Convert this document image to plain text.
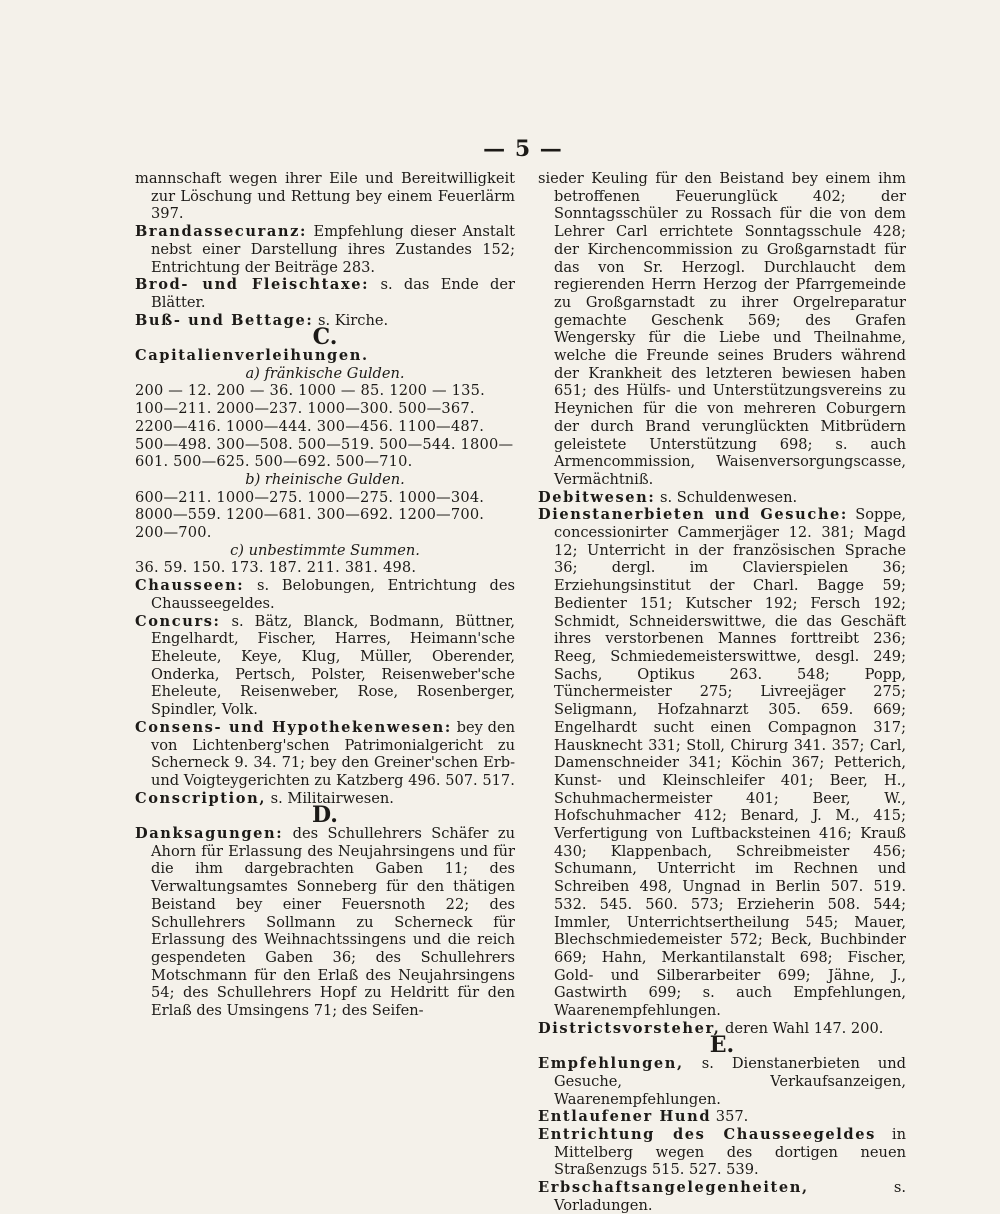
— 5 —

mannschaft wegen ihrer Eile und Bereitwilligkeit zur Löschung und Rettung bey einem Feuerlärm 397.

Brandassecuranz: Empfehlung dieser Anstalt nebst einer Darstellung ihres Zustandes 152; Entrichtung der Beiträge 283.

Brod- und Fleischtaxe: s. das Ende der Blätter.

Buß- und Bettage: s. Kirche.

C.

Capitalienverleihungen.

a) fränkische Gulden.

200 — 12. 200 — 36. 1000 — 85. 1200 — 135. 100—211. 2000—237. 1000—300. 500—367. 2200—416. 1000—444. 300—456. 1100—487. 500—498. 300—508. 500—519. 500—544. 1800—601. 500—625. 500—692. 500—710.

b) rheinische Gulden.

600—211. 1000—275. 1000—275. 1000—304. 8000—559. 1200—681. 300—692. 1200—700. 200—700.

c) unbestimmte Summen.

36. 59. 150. 173. 187. 211. 381. 498.

Chausseen: s. Belobungen, Entrichtung des Chausseegeldes.

Concurs: s. Bätz, Blanck, Bodmann, Büttner, Engelhardt, Fischer, Harres, Heimann'sche Eheleute, Keye, Klug, Müller, Oberender, Onderka, Pertsch, Polster, Reisenweber'sche Eheleute, Reisenweber, Rose, Rosenberger, Spindler, Volk.

Consens- und Hypothekenwesen: bey den von Lichtenberg'schen Patrimonialgericht zu Scherneck 9. 34. 71; bey den Greiner'schen Erb- und Voigteygerichten zu Katzberg 496. 507. 517.

Conscription, s. Militairwesen.

D.

Danksagungen: des Schullehrers Schäfer zu Ahorn für Erlassung des Neujahrsingens und für die ihm dargebrachten Gaben 11; des Verwaltungsamtes Sonneberg für den thätigen Beistand bey einer Feuersnoth 22; des Schullehrers Sollmann zu Scherneck für Erlassung des Weihnachtssingens und die reich gespendeten Gaben 36; des Schullehrers Motschmann für den Erlaß des Neujahrsingens 54; des Schullehrers Hopf zu Heldritt für den Erlaß des Umsingens 71; des Seifen-

sieder Keuling für den Beistand bey einem ihm betroffenen Feuerunglück 402; der Sonntagsschüler zu Rossach für die von dem Lehrer Carl errichtete Sonntagsschule 428; der Kirchencommission zu Großgarnstadt für das von Sr. Herzogl. Durchlaucht dem regierenden Herrn Herzog der Pfarrgemeinde zu Großgarnstadt zu ihrer Orgelreparatur gemachte Geschenk 569; des Grafen Wengersky für die Liebe und Theilnahme, welche die Freunde seines Bruders während der Krankheit des letzteren bewiesen haben 651; des Hülfs- und Unterstützungsvereins zu Heynichen für die von mehreren Coburgern der durch Brand verunglückten Mitbrüdern geleistete Unterstützung 698; s. auch Armencommission, Waisenversorgungscasse, Vermächtniß.

Debitwesen: s. Schuldenwesen.

Dienstanerbieten und Gesuche: Soppe, concessionirter Cammerjäger 12. 381; Magd 12; Unterricht in der französischen Sprache 36; dergl. im Clavierspielen 36; Erziehungsinstitut der Charl. Bagge 59; Bedienter 151; Kutscher 192; Fersch 192; Schmidt, Schneiderswittwe, die das Geschäft ihres verstorbenen Mannes forttreibt 236; Reeg, Schmiedemeisterswittwe, desgl. 249; Sachs, Optikus 263. 548; Popp, Tünchermeister 275; Livreejäger 275; Seligmann, Hofzahnarzt 305. 659. 669; Engelhardt sucht einen Compagnon 317; Hausknecht 331; Stoll, Chirurg 341. 357; Carl, Damenschneider 341; Köchin 367; Petterich, Kunst- und Kleinschleifer 401; Beer, H., Schuhmachermeister 401; Beer, W., Hofschuhmacher 412; Benard, J. M., 415; Verfertigung von Luftbacksteinen 416; Krauß 430; Klappenbach, Schreibmeister 456; Schumann, Unterricht im Rechnen und Schreiben 498, Ungnad in Berlin 507. 519. 532. 545. 560. 573; Erzieherin 508. 544; Immler, Unterrichtsertheilung 545; Mauer, Blechschmiedemeister 572; Beck, Buchbinder 669; Hahn, Merkantilanstalt 698; Fischer, Gold- und Silberarbeiter 699; Jähne, J., Gastwirth 699; s. auch Empfehlungen, Waarenempfehlungen.

Districtsvorsteher, deren Wahl 147. 200.

E.

Empfehlungen, s. Dienstanerbieten und Gesuche, Verkaufsanzeigen, Waarenempfehlungen.

Entlaufener Hund 357.

Entrichtung des Chausseegeldes in Mittelberg wegen des dortigen neuen Straßenzugs 515. 527. 539.

Erbschaftsangelegenheiten, s. Vorladungen.
